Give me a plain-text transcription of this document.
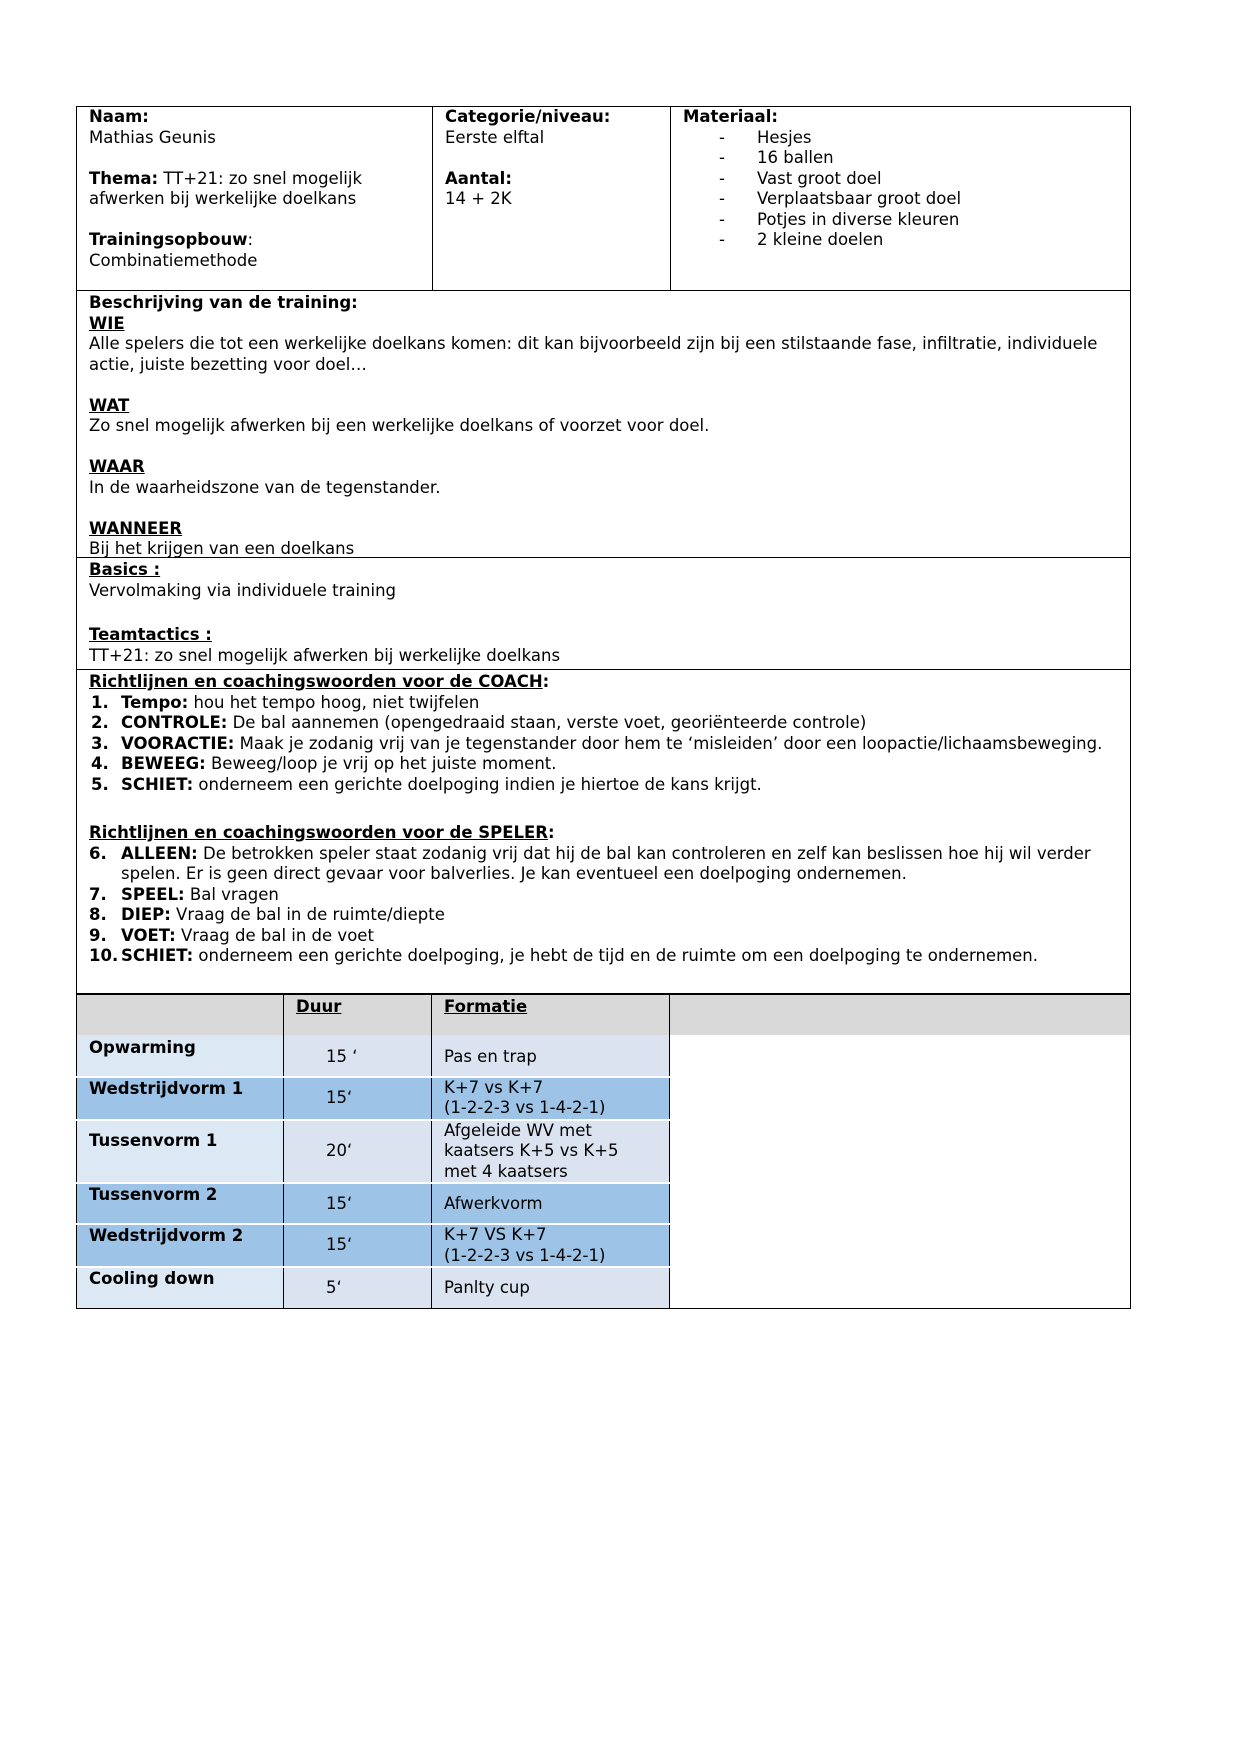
Naam:
Mathias Geunis
Thema: TT+21: zo snel mogelijk afwerken bij werkelijke doelkans
Trainingsopbouw:
Combinatiemethode
Categorie/niveau:
Eerste elftal
Aantal:
14 + 2K
Materiaal:
- Hesjes
- 16 ballen
- Vast groot doel
- Verplaatsbaar groot doel
- Potjes in diverse kleuren
- 2 kleine doelen
Beschrijving van de training:
WIE
Alle spelers die tot een werkelijke doelkans komen: dit kan bijvoorbeeld zijn bij een stilstaande fase, infiltratie, individuele actie, juiste bezetting voor doel…
WAT
Zo snel mogelijk afwerken bij een werkelijke doelkans of voorzet voor doel.
WAAR
In de waarheidszone van de tegenstander.
WANNEER
Bij het krijgen van een doelkans
Basics :
Vervolmaking via individuele training
Teamtactics :
TT+21: zo snel mogelijk afwerken bij werkelijke doelkans
Richtlijnen en coachingswoorden voor de COACH:
1. Tempo: hou het tempo hoog, niet twijfelen
2. CONTROLE: De bal aannemen (opengedraaid staan, verste voet, georiënteerde controle)
3. VOORACTIE: Maak je zodanig vrij van je tegenstander door hem te ‘misleiden’ door een loopactie/lichaamsbeweging.
4. BEWEEG: Beweeg/loop je vrij op het juiste moment.
5. SCHIET: onderneem een gerichte doelpoging indien je hiertoe de kans krijgt.
Richtlijnen en coachingswoorden voor de SPELER:
6. ALLEEN: De betrokken speler staat zodanig vrij dat hij de bal kan controleren en zelf kan beslissen hoe hij wil verder spelen. Er is geen direct gevaar voor balverlies. Je kan eventueel een doelpoging ondernemen.
7. SPEEL: Bal vragen
8. DIEP: Vraag de bal in de ruimte/diepte
9. VOET: Vraag de bal in de voet
10. SCHIET: onderneem een gerichte doelpoging, je hebt de tijd en de ruimte om een doelpoging te ondernemen.
	Duur	Formatie	
Opwarming	15 ‘	Pas en trap	
Wedstrijdvorm 1	15‘	K+7 vs K+7
(1-2-2-3 vs 1-4-2-1)	
Tussenvorm 1	20‘	Afgeleide WV met kaatsers K+5 vs K+5 met 4 kaatsers	
Tussenvorm 2	15‘	Afwerkvorm	
Wedstrijdvorm 2	15‘	K+7 VS K+7
(1-2-2-3 vs 1-4-2-1)	
Cooling down	5‘	Panlty cup	
